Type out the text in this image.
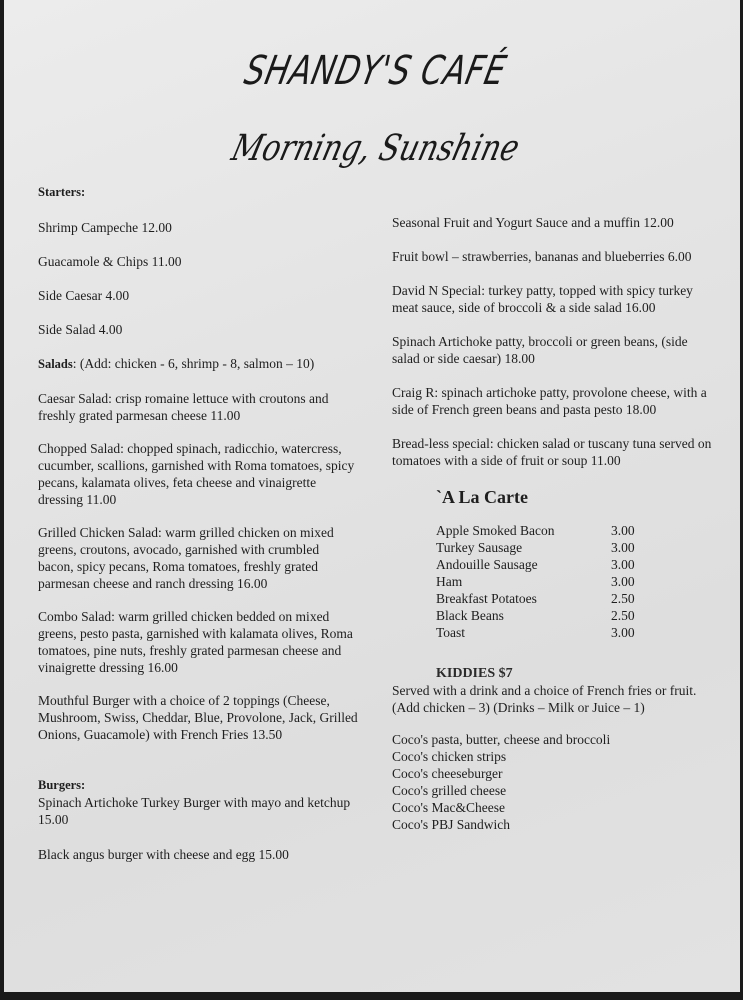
SHANDY'S CAFÉ
Morning, Sunshine
Starters:
Shrimp Campeche 12.00
Guacamole & Chips 11.00
Side Caesar 4.00
Side Salad 4.00
Salads: (Add: chicken - 6, shrimp - 8, salmon – 10)
Caesar Salad: crisp romaine lettuce with croutons and freshly grated parmesan cheese 11.00
Chopped Salad: chopped spinach, radicchio, watercress, cucumber, scallions, garnished with Roma tomatoes, spicy pecans, kalamata olives, feta cheese and vinaigrette dressing 11.00
Grilled Chicken Salad: warm grilled chicken on mixed greens, croutons, avocado, garnished with crumbled bacon, spicy pecans, Roma tomatoes, freshly grated parmesan cheese and ranch dressing 16.00
Combo Salad: warm grilled chicken bedded on mixed greens, pesto pasta, garnished with kalamata olives, Roma tomatoes, pine nuts, freshly grated parmesan cheese and vinaigrette dressing 16.00
Mouthful Burger with a choice of 2 toppings (Cheese, Mushroom, Swiss, Cheddar, Blue, Provolone, Jack, Grilled Onions, Guacamole) with French Fries 13.50
Burgers:
Spinach Artichoke Turkey Burger with mayo and ketchup 15.00
Black angus burger with cheese and egg 15.00
Seasonal Fruit and Yogurt Sauce and a muffin 12.00
Fruit bowl – strawberries, bananas and blueberries 6.00
David N Special: turkey patty, topped with spicy turkey meat sauce, side of broccoli & a side salad 16.00
Spinach Artichoke patty, broccoli or green beans, (side salad or side caesar) 18.00
Craig R: spinach artichoke patty, provolone cheese, with a side of French green beans and pasta pesto 18.00
Bread-less special: chicken salad or tuscany tuna served on tomatoes with a side of fruit or soup 11.00
`A La Carte
Apple Smoked Bacon	3.00
Turkey Sausage	3.00
Andouille Sausage	3.00
Ham	3.00
Breakfast Potatoes	2.50
Black Beans	2.50
Toast	3.00
KIDDIES $7
Served with a drink and a choice of French fries or fruit. (Add chicken – 3) (Drinks – Milk or Juice – 1)
Coco's pasta, butter, cheese and broccoli
Coco's chicken strips
Coco's cheeseburger
Coco's grilled cheese
Coco's Mac&Cheese
Coco's PBJ Sandwich
